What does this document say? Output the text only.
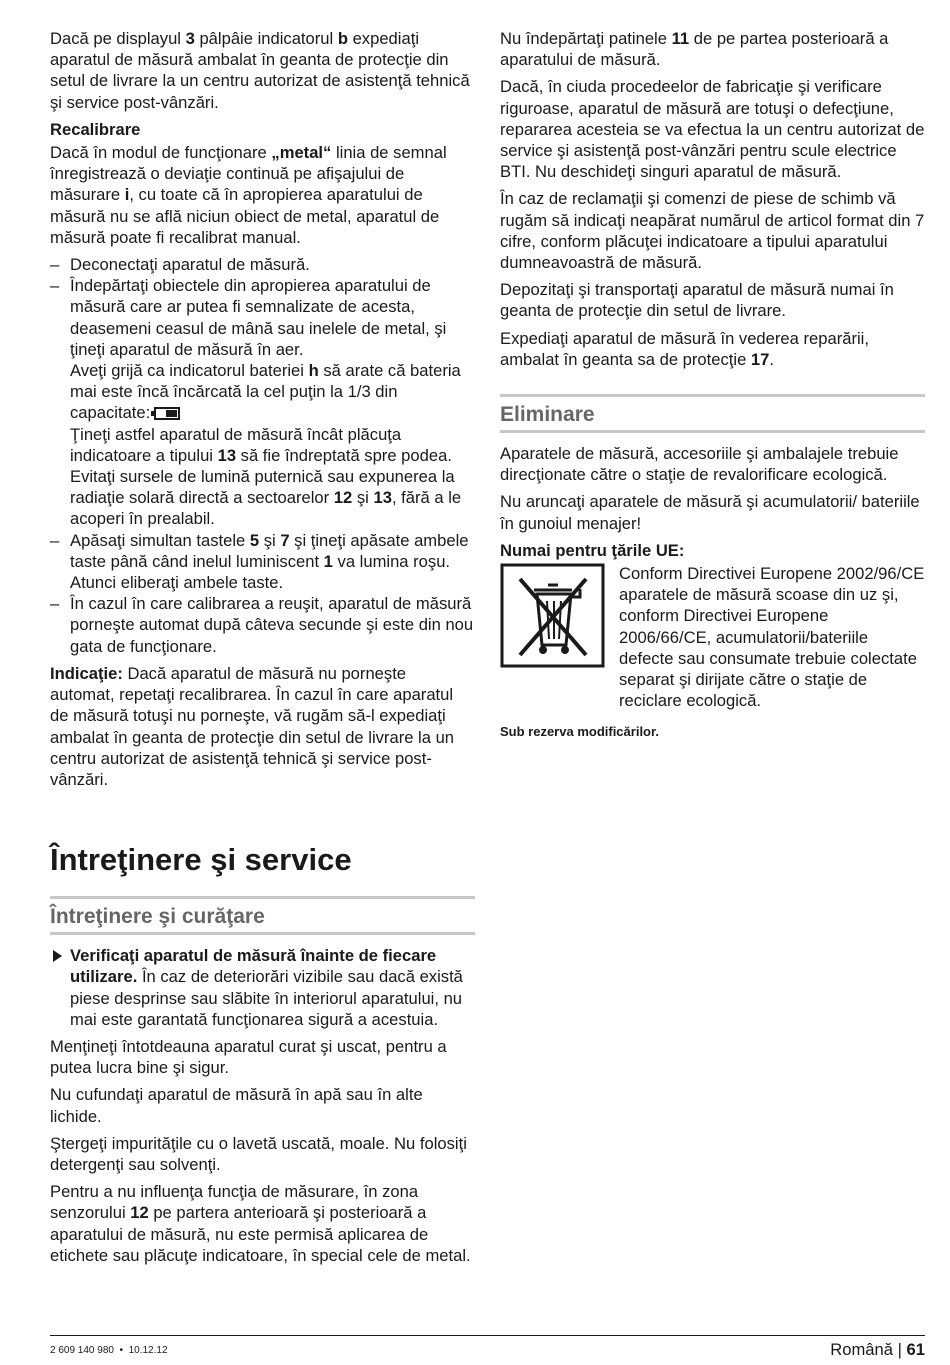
Dacă pe displayul 3 pâlpâie indicatorul b expediaţi aparatul de măsură ambalat în geanta de protecţie din setul de livrare la un centru autorizat de asistenţă tehnică şi service post-vânzări.

Recalibrare

Dacă în modul de funcţionare „metal“ linia de semnal înregistrează o deviaţie continuă pe afişajului de măsurare i, cu toate că în apropierea aparatului de măsură nu se află niciun obiect de metal, aparatul de măsură poate fi recalibrat manual.

– Deconectaţi aparatul de măsură.
– Îndepărtaţi obiectele din apropierea aparatului de măsură care ar putea fi semnalizate de acesta, deasemeni ceasul de mână sau inelele de metal, şi ţineţi aparatul de măsură în aer.
Aveţi grijă ca indicatorul bateriei h să arate că bateria mai este încă încărcată la cel puţin la 1/3 din capacitate:
Ţineţi astfel aparatul de măsură încât plăcuţa indicatoare a tipului 13 să fie îndreptată spre podea. Evitaţi sursele de lumină puternică sau expunerea la radiaţie solară directă a sectoarelor 12 şi 13, fără a le acoperi în prealabil.
– Apăsaţi simultan tastele 5 şi 7 şi ţineţi apăsate ambele taste până când inelul luminiscent 1 va lumina roşu. Atunci eliberaţi ambele taste.
– În cazul în care calibrarea a reuşit, aparatul de măsură porneşte automat după câteva secunde şi este din nou gata de funcţionare.

Indicaţie: Dacă aparatul de măsură nu porneşte automat, repetaţi recalibrarea. În cazul în care aparatul de măsură totuşi nu porneşte, vă rugăm să-l expediaţi ambalat în geanta de protecţie din setul de livrare la un centru autorizat de asistenţă tehnică şi service post-vânzări.

Întreţinere şi service
Întreţinere şi curăţare
Verificaţi aparatul de măsură înainte de fiecare utilizare. În caz de deteriorări vizibile sau dacă există piese desprinse sau slăbite în interiorul aparatului, nu mai este garantată funcţionarea sigură a acestuia.

Menţineţi întotdeauna aparatul curat şi uscat, pentru a putea lucra bine şi sigur.

Nu cufundaţi aparatul de măsură în apă sau în alte lichide.

Ştergeţi impurităţile cu o lavetă uscată, moale. Nu folosiţi detergenţi sau solvenţi.

Pentru a nu influenţa funcţia de măsurare, în zona senzorului 12 pe partera anterioară şi posterioară a aparatului de măsură, nu este permisă aplicarea de etichete sau plăcuţe indicatoare, în special cele de metal.

Nu îndepărtaţi patinele 11 de pe partea posterioară a aparatului de măsură.

Dacă, în ciuda procedeelor de fabricaţie şi verificare riguroase, aparatul de măsură are totuşi o defecţiune, repararea acesteia se va efectua la un centru autorizat de service şi asistenţă post-vânzări pentru scule electrice BTI. Nu deschideţi singuri aparatul de măsură.

În caz de reclamaţii şi comenzi de piese de schimb vă rugăm să indicaţi neapărat numărul de articol format din 7 cifre, conform plăcuţei indicatoare a tipului aparatului dumneavoastră de măsură.

Depozitaţi şi transportaţi aparatul de măsură numai în geanta de protecţie din setul de livrare.

Expediaţi aparatul de măsură în vederea reparării, ambalat în geanta sa de protecţie 17.

Eliminare

Aparatele de măsură, accesoriile şi ambalajele trebuie direcţionate către o staţie de revalorificare ecologică.

Nu aruncaţi aparatele de măsură şi acumulatorii/ bateriile în gunoiul menajer!

Numai pentru ţările UE:
Conform Directivei Europene 2002/96/CE aparatele de măsură scoase din uz şi, conform Directivei Europene 2006/66/CE, acumulatorii/bateriile defecte sau consumate trebuie colectate separat şi dirijate către o staţie de reciclare ecologică.
Sub rezerva modificărilor.
2 609 140 980 • 10.12.12	Română | 61
